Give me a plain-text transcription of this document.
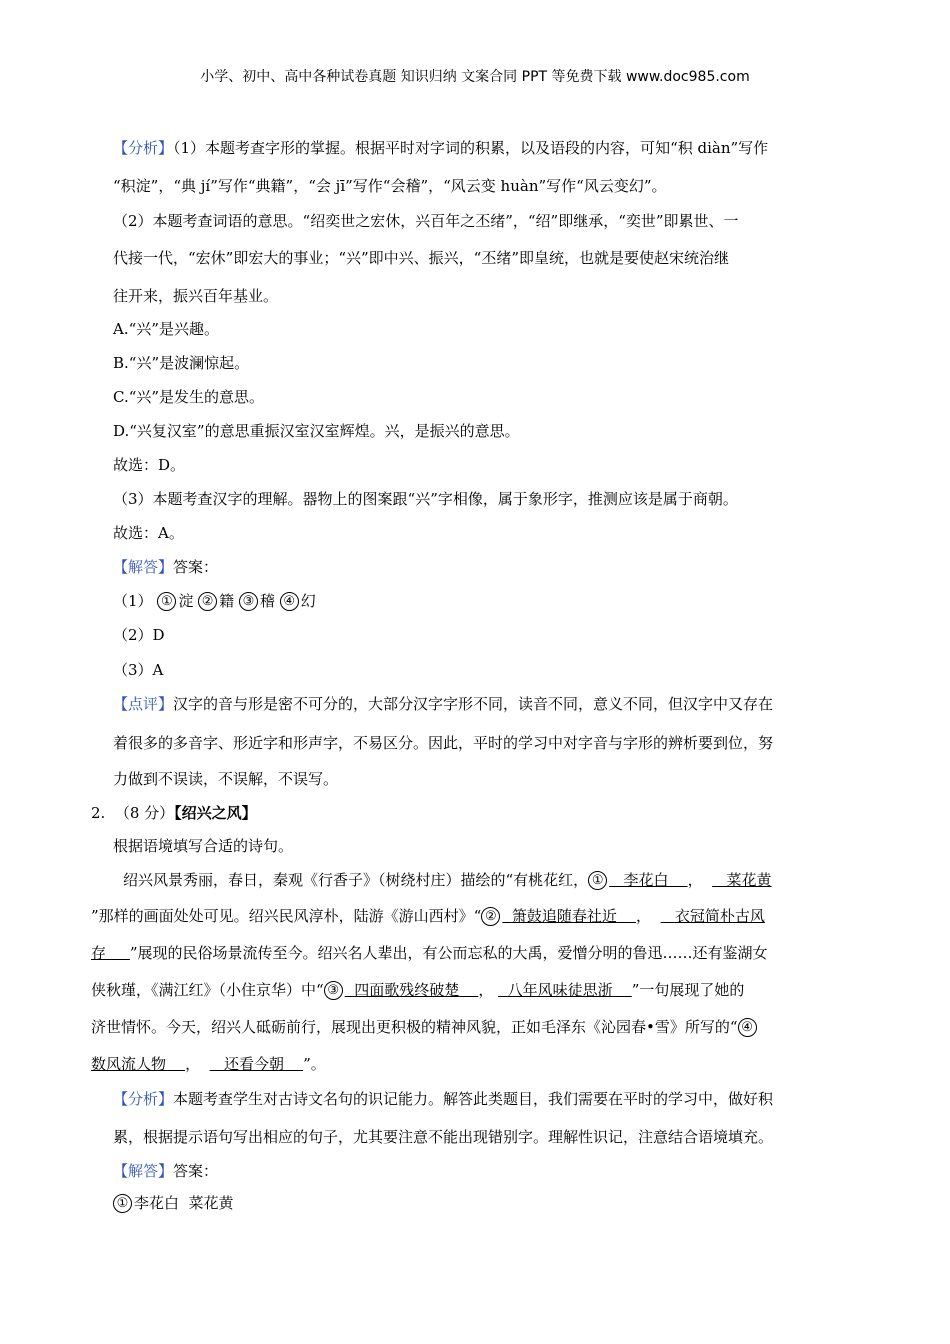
小学、初中、高中各种试卷真题 知识归纳 文案合同 PPT 等免费下载 www.doc985.com
【分析】（1）本题考查字形的掌握。根据平时对字词的积累，以及语段的内容，可知“积 diàn”写作
“积淀”，“典 jí”写作“典籍”，“会 jī”写作“会稽”，“风云变 huàn”写作“风云变幻”。
（2）本题考查词语的意思。“绍奕世之宏休，兴百年之丕绪”，“绍”即继承，“奕世”即累世、一
代接一代，“宏休”即宏大的事业；“兴”即中兴、振兴，“丕绪”即皇统，也就是要使赵宋统治继
往开来，振兴百年基业。
A.“兴”是兴趣。
B.“兴”是波澜惊起。
C.“兴”是发生的意思。
D.“兴复汉室”的意思重振汉室汉室辉煌。兴，是振兴的意思。
故选：D。
（3）本题考查汉字的理解。器物上的图案跟“兴”字相像，属于象形字，推测应该是属于商朝。
故选：A。
【解答】答案：
（1） ① 淀 ② 籍 ③ 稽 ④ 幻
（2）D
（3）A
【点评】汉字的音与形是密不可分的，大部分汉字字形不同，读音不同，意义不同，但汉字中又存在
着很多的多音字、形近字和形声字，不易区分。因此，平时的学习中对字音与字形的辨析要到位，努
力做到不误读，不误解，不误写。
2. （8 分）【绍兴之风】
根据语境填写合适的诗句。
绍兴风景秀丽，春日，秦观《行香子》（树绕村庄）描绘的“有桃花红， ① 李花白 ， 菜花黄
”那样的画面处处可见。绍兴民风淳朴，陆游《游山西村》“ ② 箫鼓追随春社近 ， 衣冠简朴古风
存 ”展现的民俗场景流传至今。绍兴名人辈出，有公而忘私的大禹，爱憎分明的鲁迅……还有鉴湖女
侠秋瑾，《满江红》（小住京华）中“ ③ 四面歌残终破楚 ， 八年风味徒思浙 ”一句展现了她的
济世情怀。今天，绍兴人砥砺前行，展现出更积极的精神风貌，正如毛泽东《沁园春•雪》所写的“ ④
数风流人物 ， 还看今朝 ”。
【分析】本题考查学生对古诗文名句的识记能力。解答此类题目，我们需要在平时的学习中，做好积
累，根据提示语句写出相应的句子，尤其要注意不能出现错别字。理解性识记，注意结合语境填充。
【解答】答案：
① 李花白  菜花黄
